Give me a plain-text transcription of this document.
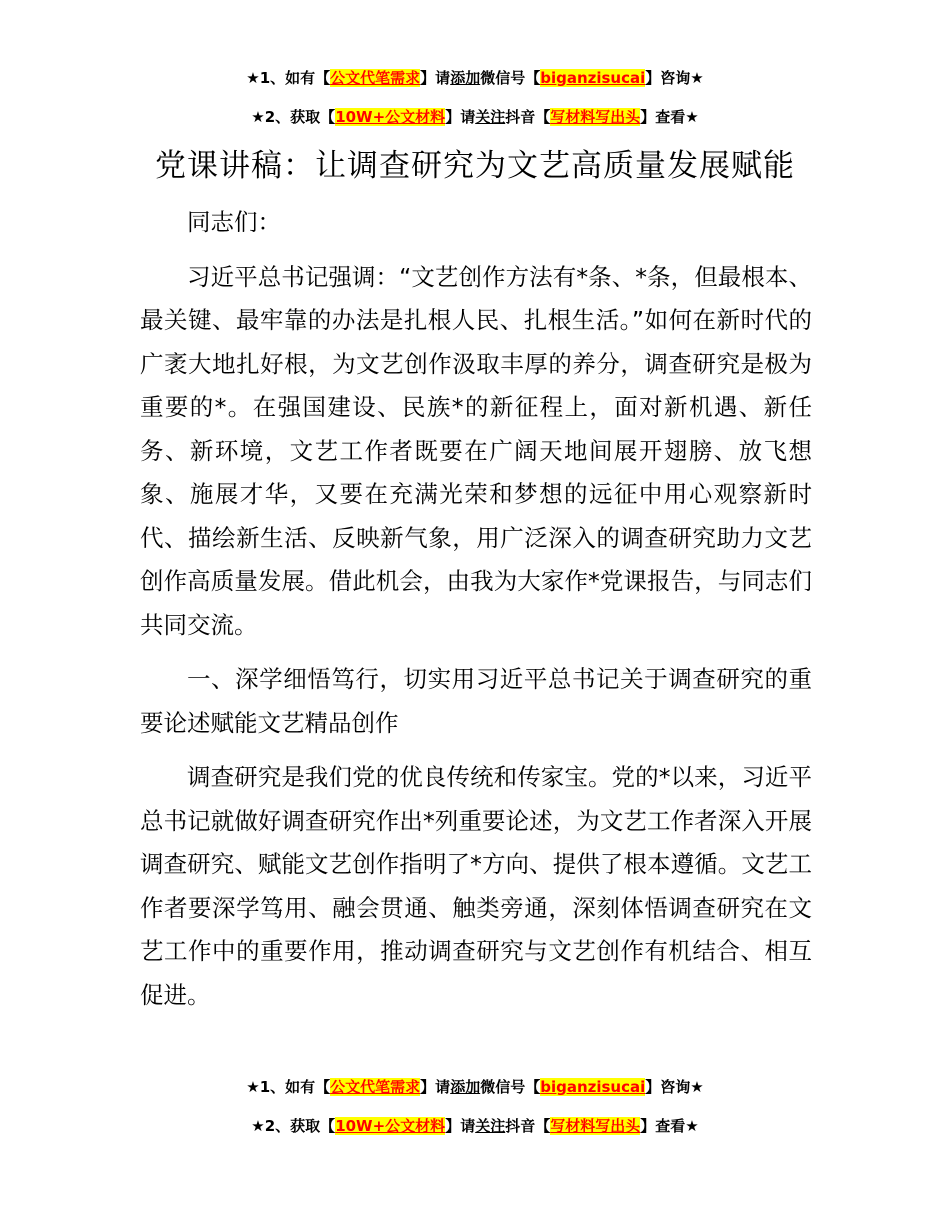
★1、如有【公文代笔需求】请添加微信号【biganzisucai】咨询★
★2、获取【10W+公文材料】请关注抖音【写材料写出头】查看★
党课讲稿：让调查研究为文艺高质量发展赋能

同志们：

习近平总书记强调：“文艺创作方法有*条、*条，但最根本、最关键、最牢靠的办法是扎根人民、扎根生活。”如何在新时代的广袤大地扎好根，为文艺创作汲取丰厚的养分，调查研究是极为重要的*。在强国建设、民族*的新征程上，面对新机遇、新任务、新环境，文艺工作者既要在广阔天地间展开翅膀、放飞想象、施展才华，又要在充满光荣和梦想的远征中用心观察新时代、描绘新生活、反映新气象，用广泛深入的调查研究助力文艺创作高质量发展。借此机会，由我为大家作*党课报告，与同志们共同交流。

一、深学细悟笃行，切实用习近平总书记关于调查研究的重要论述赋能文艺精品创作

调查研究是我们党的优良传统和传家宝。党的*以来，习近平总书记就做好调查研究作出*列重要论述，为文艺工作者深入开展调查研究、赋能文艺创作指明了*方向、提供了根本遵循。文艺工作者要深学笃用、融会贯通、触类旁通，深刻体悟调查研究在文艺工作中的重要作用，推动调查研究与文艺创作有机结合、相互促进。

★1、如有【公文代笔需求】请添加微信号【biganzisucai】咨询★
★2、获取【10W+公文材料】请关注抖音【写材料写出头】查看★
